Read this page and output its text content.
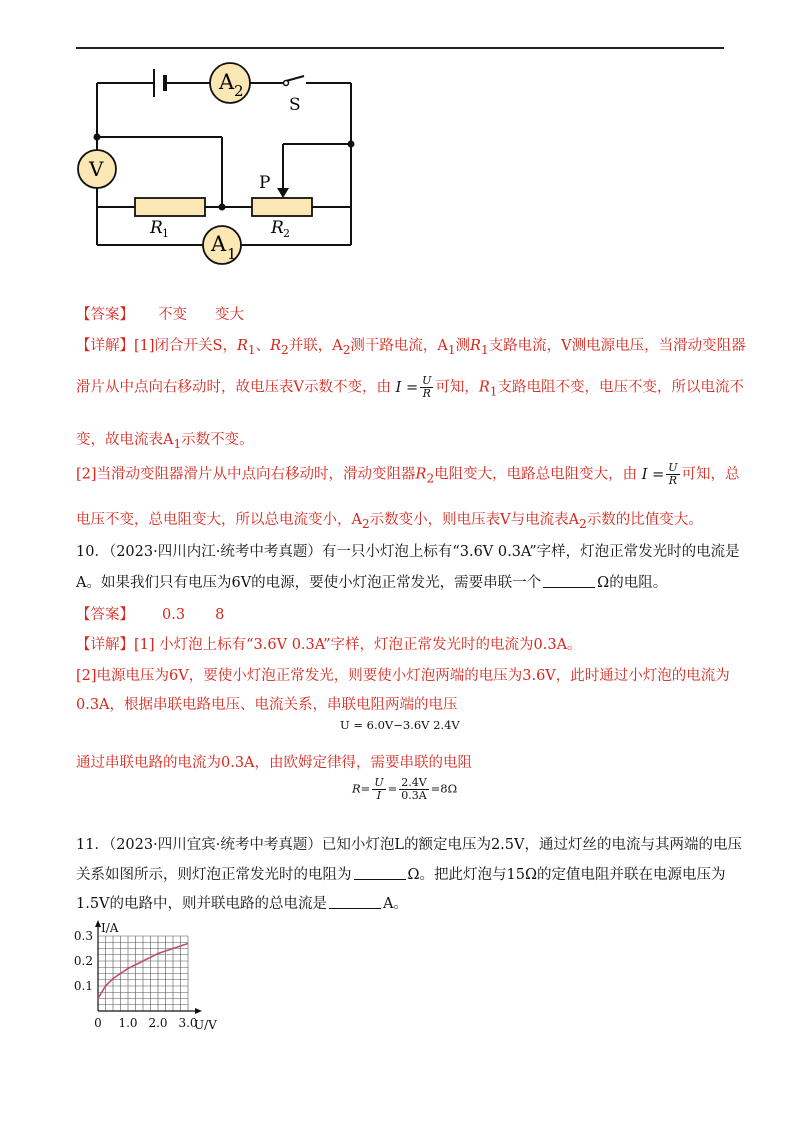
A 2
V
A 1
S
P
R 1	R 2
【答案】 不变 变大
【详解】[1]闭合开关S，$R_1$、$R_2$并联，$A_2$测干路电流，$A_1$测$R_1$支路电流，V测电源电压，当滑动变阻器
滑片从中点向右移动时，故电压表V示数不变，由 $I = \frac{U}{R}$ 可知，$R_1$支路电阻不变，电压不变，所以电流不
变，故电流表$A_1$示数不变。
[2]当滑动变阻器滑片从中点向右移动时，滑动变阻器$R_2$电阻变大，电路总电阻变大，由 $I = \frac{U}{R}$ 可知，总
电压不变，总电阻变大，所以总电流变小，$A_2$示数变小，则电压表V与电流表$A_2$示数的比值变大。
10．（2023·四川内江·统考中考真题）有一只小灯泡上标有“3.6V 0.3A”字样，灯泡正常发光时的电流是
A。如果我们只有电压为6V的电源，要使小灯泡正常发光，需要串联一个	Ω的电阻。
【答案】 0.3 8
【详解】[1] 小灯泡上标有“3.6V 0.3A”字样，灯泡正常发光时的电流为0.3A。
[2]电源电压为6V，要使小灯泡正常发光，则要使小灯泡两端的电压为3.6V，此时通过小灯泡的电流为
0.3A，根据串联电路电压、电流关系，串联电阻两端的电压
U = 6.0V−3.6V 2.4V
通过串联电路的电流为0.3A，由欧姆定律得，需要串联的电阻
$R= \frac{U}{I} = \frac{2.4V}{0.3A} =8\Omega$
11．（2023·四川宜宾·统考中考真题）已知小灯泡L的额定电压为2.5V，通过灯丝的电流与其两端的电压
关系如图所示，则灯泡正常发光时的电阻为	Ω。把此灯泡与15Ω的定值电阻并联在电源电压为
1.5V的电路中，则并联电路的总电流是	A。
0 1.0 2.0 3.0
0.1
0.2
0.3
I/A
U/V
